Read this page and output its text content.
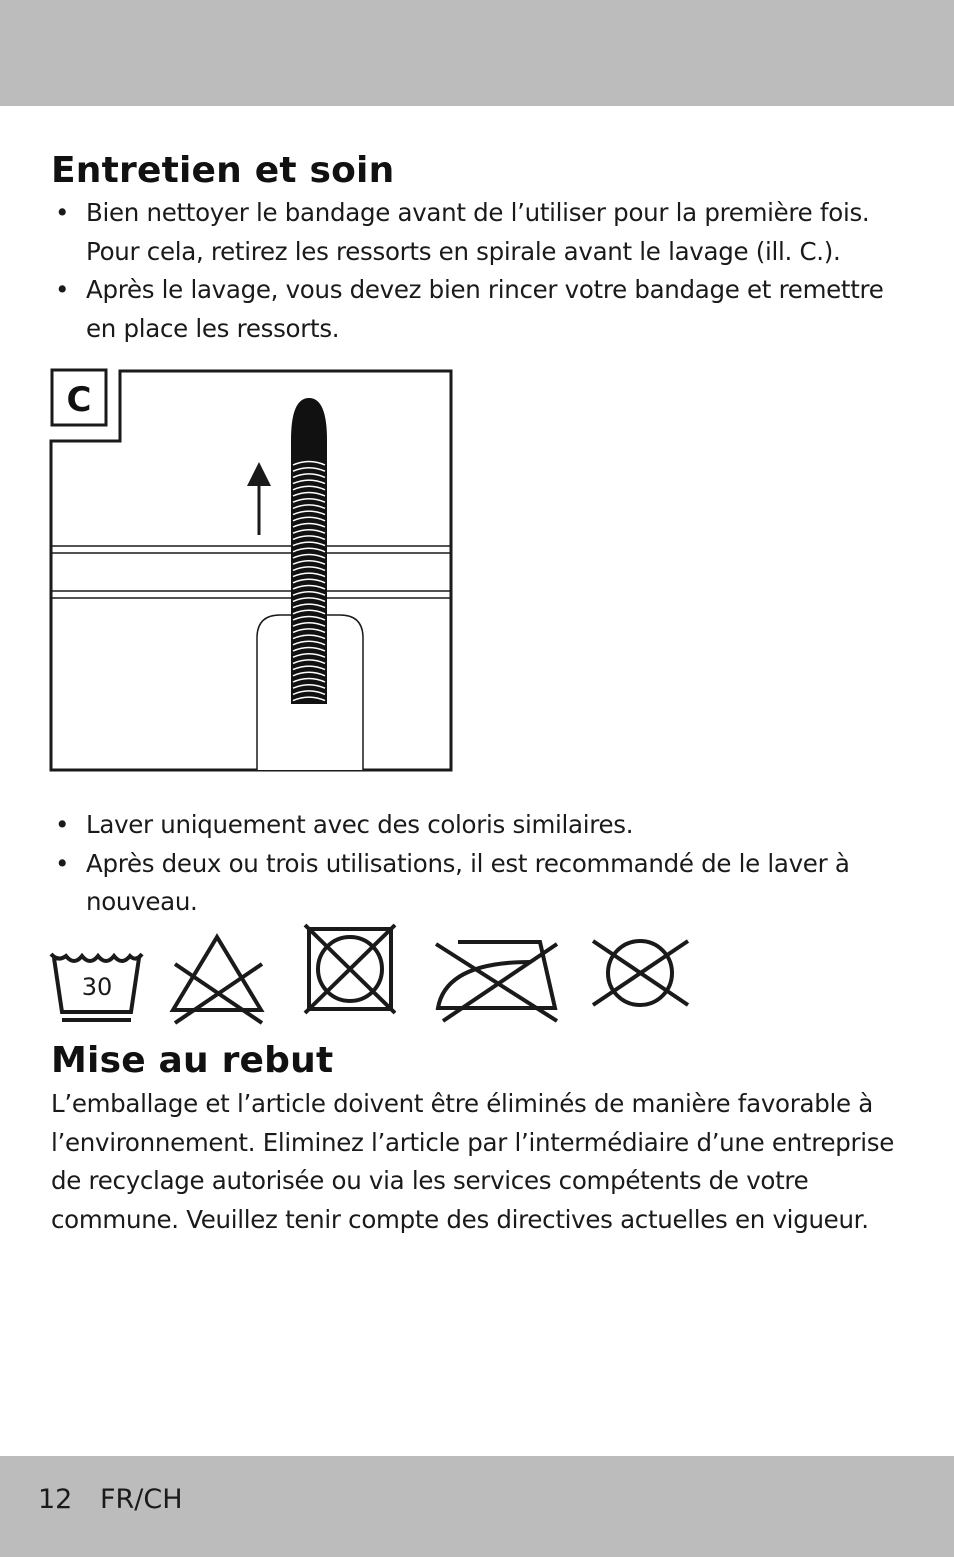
Entretien et soin
• Bien nettoyer le bandage avant de l’utiliser pour la première fois. Pour cela, retirez les ressorts en spirale avant le lavage (ill. C.).
• Après le lavage, vous devez bien rincer votre bandage et remettre en place les ressorts.
C
• Laver uniquement avec des coloris similaires.
• Après deux ou trois utilisations, il est recommandé de le laver à nouveau.
30
Mise au rebut

L’emballage et l’article doivent être éliminés de manière favorable à l’environnement. Eliminez l’article par l’intermédiaire d’une entreprise de recyclage autorisée ou via les services compétents de votre commune. Veuillez tenir compte des directives actuelles en vigueur.

12 FR/CH
